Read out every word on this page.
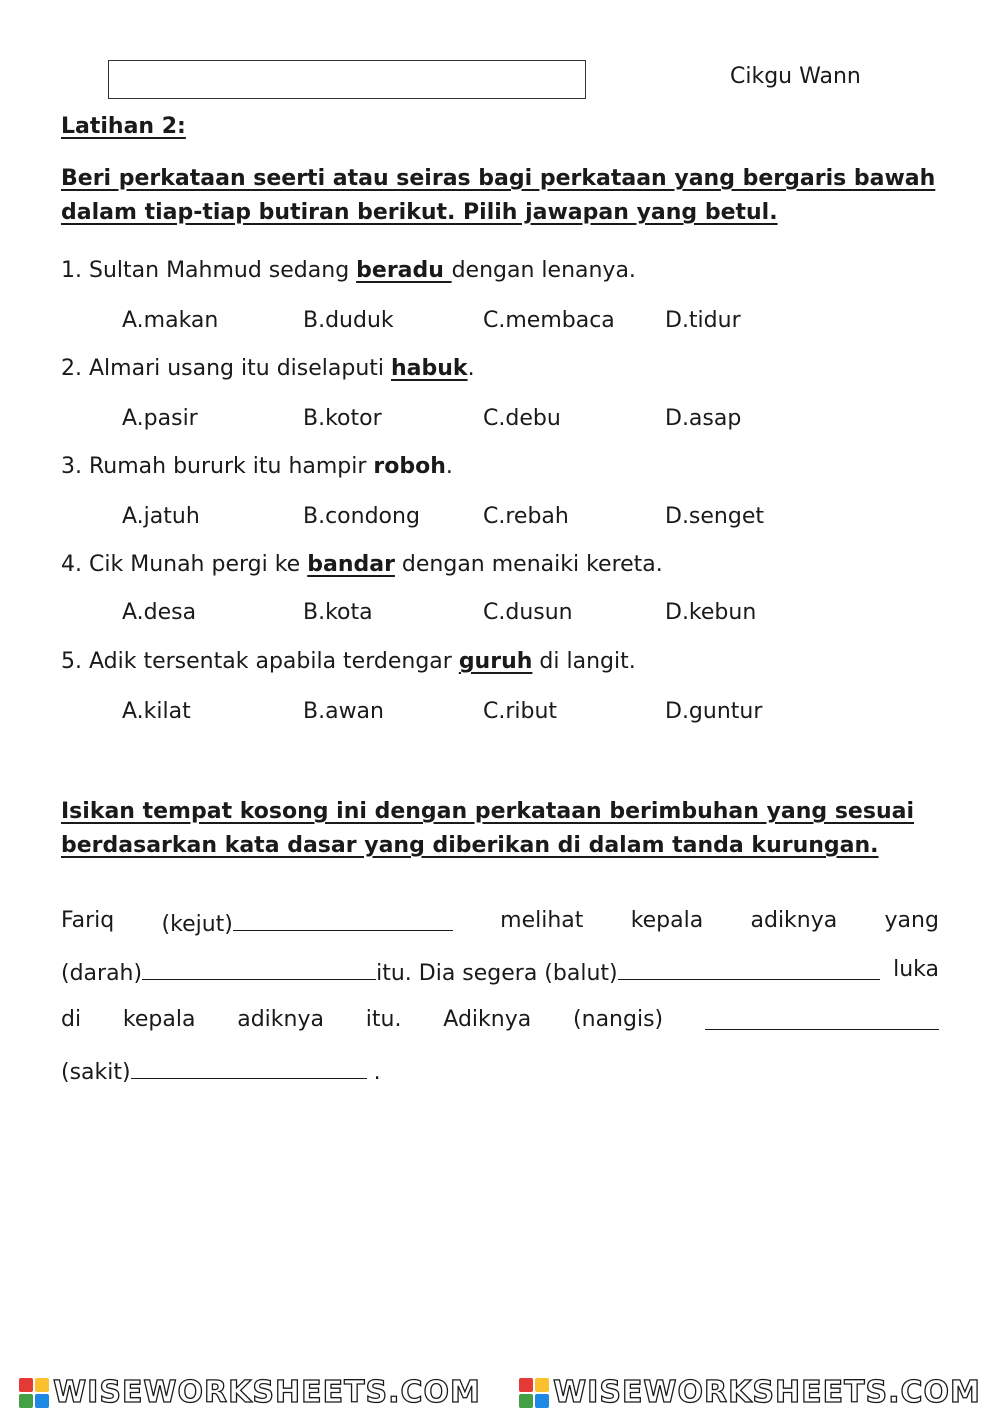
Cikgu Wann
Latihan 2:
Beri perkataan seerti atau seiras bagi perkataan yang bergaris bawah
dalam tiap-tiap butiran berikut. Pilih jawapan yang betul.
1. Sultan Mahmud sedang beradu dengan lenanya.
A.makan	B.duduk	C.membaca D.tidur
2. Almari usang itu diselaputi habuk.
A.pasir	B.kotor	C.debu	D.asap
3. Rumah bururk itu hampir roboh.
A.jatuh	B.condong	C.rebah	D.senget
4. Cik Munah pergi ke bandar dengan menaiki kereta.
A.desa	B.kota	C.dusun	D.kebun
5. Adik tersentak apabila terdengar guruh di langit.
A.kilat	B.awan	C.ribut	D.guntur
Isikan tempat kosong ini dengan perkataan berimbuhan yang sesuai
berdasarkan kata dasar yang diberikan di dalam tanda kurungan.
Fariq (kejut)	melihat kepala adiknya yang
(darah)	itu. Dia segera (balut)	luka
di kepala adiknya itu. Adiknya (nangis)
(sakit)	.
WISEWORKSHEETS.COM WISEWORKSHEETS.COM
